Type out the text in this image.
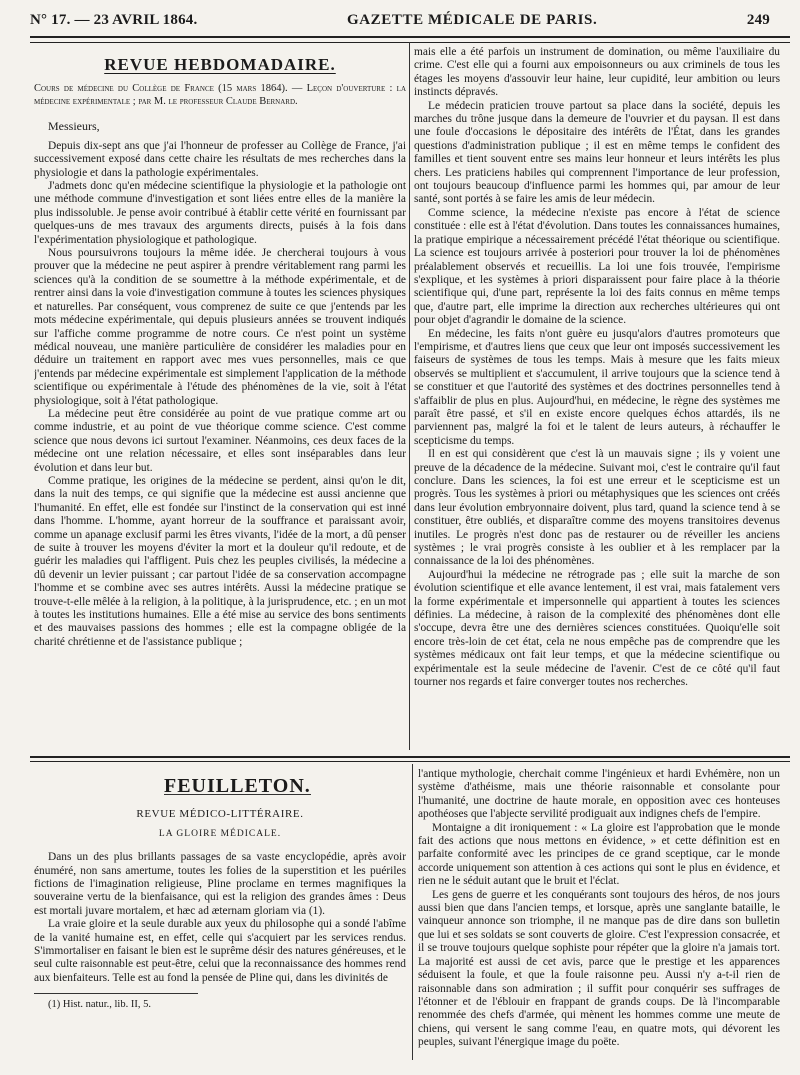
N° 17. — 23 AVRIL 1864.	GAZETTE MÉDICALE DE PARIS.	249
REVUE HEBDOMADAIRE.

Cours de médecine du Collège de France (15 mars 1864). — Leçon d'ouverture : la médecine expérimentale ; par M. le professeur Claude Bernard.

Messieurs,

Depuis dix-sept ans que j'ai l'honneur de professer au Collège de France, j'ai successivement exposé dans cette chaire les résultats de mes recherches dans la physiologie et dans la pathologie expérimentales.

J'admets donc qu'en médecine scientifique la physiologie et la pathologie ont une méthode commune d'investigation et sont liées entre elles de la manière la plus indissoluble. Je pense avoir contribué à établir cette vérité en fournissant par quelques-uns de mes travaux des arguments directs, puisés à la fois dans l'expérimentation physiologique et pathologique.

Nous poursuivrons toujours la même idée. Je chercherai toujours à vous prouver que la médecine ne peut aspirer à prendre véritablement rang parmi les sciences qu'à la condition de se soumettre à la méthode expérimentale, et de rentrer ainsi dans la voie d'investigation commune à toutes les sciences physiques et naturelles. Par conséquent, vous comprenez de suite ce que j'entends par les mots médecine expérimentale, qui depuis plusieurs années se trouvent indiqués sur l'affiche comme programme de notre cours. Ce n'est point un système médical nouveau, une manière particulière de considérer les maladies pour en déduire un traitement en rapport avec mes vues personnelles, mais ce que j'entends par médecine expérimentale est simplement l'application de la méthode scientifique ou expérimentale à l'étude des phénomènes de la vie, soit à l'état physiologique, soit à l'état pathologique.

La médecine peut être considérée au point de vue pratique comme art ou comme industrie, et au point de vue théorique comme science. C'est comme science que nous devons ici surtout l'examiner. Néanmoins, ces deux faces de la médecine ont une relation nécessaire, et elles sont inséparables dans leur évolution et dans leur but.

Comme pratique, les origines de la médecine se perdent, ainsi qu'on le dit, dans la nuit des temps, ce qui signifie que la médecine est aussi ancienne que l'humanité. En effet, elle est fondée sur l'instinct de la conservation qui est inné dans l'homme. L'homme, ayant horreur de la souffrance et paraissant avoir, comme un apanage exclusif parmi les êtres vivants, l'idée de la mort, a dû penser de suite à trouver les moyens d'éviter la mort et la douleur qu'il redoute, et de guérir les maladies qui l'affligent. Puis chez les peuples civilisés, la médecine a dû devenir un levier puissant ; car partout l'idée de sa conservation accompagne l'homme et se combine avec ses autres intérêts. Aussi la médecine pratique se trouve-t-elle mêlée à la religion, à la politique, à la jurisprudence, etc. ; en un mot à toutes les institutions humaines. Elle a été mise au service des bons sentiments et des mauvaises passions des hommes ; elle est la compagne obligée de la charité chrétienne et de l'assistance publique ;

mais elle a été parfois un instrument de domination, ou même l'auxiliaire du crime. C'est elle qui a fourni aux empoisonneurs ou aux criminels de tous les étages les moyens d'assouvir leur haine, leur cupidité, leur ambition ou leurs instincts dépravés.

Le médecin praticien trouve partout sa place dans la société, depuis les marches du trône jusque dans la demeure de l'ouvrier et du paysan. Il est dans une foule d'occasions le dépositaire des intérêts de l'État, dans les grandes questions d'administration publique ; il est en même temps le confident des familles et tient souvent entre ses mains leur honneur et leurs intérêts les plus chers. Les praticiens habiles qui comprennent l'importance de leur profession, ont toujours beaucoup d'influence parmi les hommes qui, par amour de leur santé, sont portés à se faire les amis de leur médecin.

Comme science, la médecine n'existe pas encore à l'état de science constituée : elle est à l'état d'évolution. Dans toutes les connaissances humaines, la pratique empirique a nécessairement précédé l'état théorique ou scientifique. La science est toujours arrivée à posteriori pour trouver la loi de phénomènes préalablement observés et recueillis. La loi une fois trouvée, l'empirisme s'explique, et les systèmes à priori disparaissent pour faire place à la théorie scientifique qui, d'une part, représente la loi des faits connus en même temps que, d'autre part, elle imprime la direction aux recherches ultérieures qui ont pour objet d'agrandir le domaine de la science.

En médecine, les faits n'ont guère eu jusqu'alors d'autres promoteurs que l'empirisme, et d'autres liens que ceux que leur ont imposés successivement les faiseurs de systèmes de tous les temps. Mais à mesure que les faits mieux observés se multiplient et s'accumulent, il arrive toujours que la science tend à se constituer et que l'autorité des systèmes et des doctrines personnelles tend à s'affaiblir de plus en plus. Aujourd'hui, en médecine, le règne des systèmes me paraît être passé, et s'il en existe encore quelques échos attardés, ils ne parviennent pas, malgré la foi et le talent de leurs auteurs, à réchauffer le scepticisme du temps.

Il en est qui considèrent que c'est là un mauvais signe ; ils y voient une preuve de la décadence de la médecine. Suivant moi, c'est le contraire qu'il faut conclure. Dans les sciences, la foi est une erreur et le scepticisme est un progrès. Tous les systèmes à priori ou métaphysiques que les sciences ont créés dans leur évolution embryonnaire doivent, plus tard, quand la science tend à se constituer, être oubliés, et disparaître comme des moyens transitoires devenus inutiles. Le progrès n'est donc pas de restaurer ou de réveiller les anciens systèmes ; le vrai progrès consiste à les oublier et à les remplacer par la connaissance de la loi des phénomènes.

Aujourd'hui la médecine ne rétrograde pas ; elle suit la marche de son évolution scientifique et elle avance lentement, il est vrai, mais fatalement vers la forme expérimentale et impersonnelle qui appartient à toutes les sciences définies. La médecine, à raison de la complexité des phénomènes dont elle s'occupe, devra être une des dernières sciences constituées. Quoiqu'elle soit encore très-loin de cet état, cela ne nous empêche pas de comprendre que les systèmes médicaux ont fait leur temps, et que la médecine scientifique ou expérimentale est la seule médecine de l'avenir. C'est de ce côté qu'il faut tourner nos regards et faire converger toutes nos recherches.

FEUILLETON.
REVUE MÉDICO-LITTÉRAIRE.
LA GLOIRE MÉDICALE.

Dans un des plus brillants passages de sa vaste encyclopédie, après avoir énuméré, non sans amertume, toutes les folies de la superstition et les puériles fictions de l'imagination religieuse, Pline proclame en termes magnifiques la souveraine vertu de la bienfaisance, qui est la religion des grandes âmes : Deus est mortali juvare mortalem, et hæc ad æternam gloriam via (1).

La vraie gloire et la seule durable aux yeux du philosophe qui a sondé l'abîme de la vanité humaine est, en effet, celle qui s'acquiert par les services rendus. S'immortaliser en faisant le bien est le suprême désir des natures généreuses, et le seul culte raisonnable est peut-être, celui que la reconnaissance des hommes rend aux bienfaiteurs. Telle est au fond la pensée de Pline qui, dans les divinités de

(1) Hist. natur., lib. II, 5.

l'antique mythologie, cherchait comme l'ingénieux et hardi Evhémère, non un système d'athéisme, mais une théorie raisonnable et consolante pour l'humanité, une doctrine de haute morale, en opposition avec ces honteuses apothéoses que l'abjecte servilité prodiguait aux indignes chefs de l'empire.

Montaigne a dit ironiquement : « La gloire est l'approbation que le monde fait des actions que nous mettons en évidence, » et cette définition est en parfaite conformité avec les principes de ce grand sceptique, car le monde accorde uniquement son attention à ces actions qui sont le plus en évidence, et rien ne le séduit autant que le bruit et l'éclat.

Les gens de guerre et les conquérants sont toujours des héros, de nos jours aussi bien que dans l'ancien temps, et lorsque, après une sanglante bataille, le vainqueur annonce son triomphe, il ne manque pas de dire dans son bulletin que lui et ses soldats se sont couverts de gloire. C'est l'expression consacrée, et il se trouve toujours quelque sophiste pour répéter que la gloire n'a jamais tort. La majorité est aussi de cet avis, parce que le prestige et les apparences séduisent la foule, et que la foule raisonne peu. Aussi n'y a-t-il rien de raisonnable dans son admiration ; il suffit pour conquérir ses suffrages de l'étonner et de l'éblouir en frappant de grands coups. De là l'incomparable renommée des chefs d'armée, qui mènent les hommes comme une meute de chiens, qui versent le sang comme l'eau, en quatre mots, qui dévorent les peuples, suivant l'énergique image du poëte.
